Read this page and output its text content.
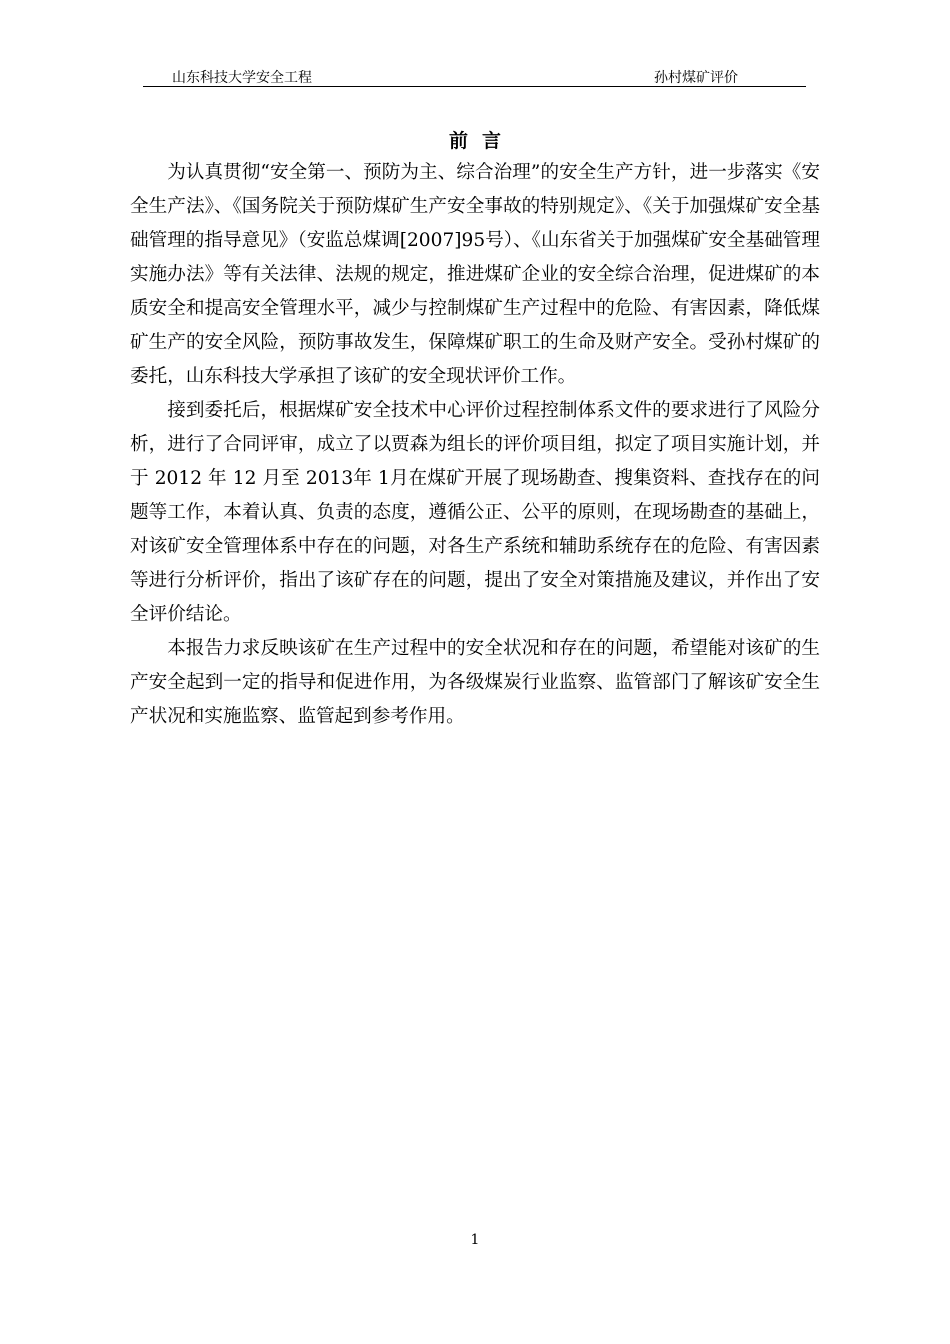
山东科技大学安全工程	孙村煤矿评价
前言

为认真贯彻“安全第一、预防为主、综合治理”的安全生产方针，进一步落实《安全生产法》、《国务院关于预防煤矿生产安全事故的特别规定》、《关于加强煤矿安全基础管理的指导意见》（安监总煤调[2007]95号）、《山东省关于加强煤矿安全基础管理实施办法》等有关法律、法规的规定，推进煤矿企业的安全综合治理，促进煤矿的本质安全和提高安全管理水平，减少与控制煤矿生产过程中的危险、有害因素，降低煤矿生产的安全风险，预防事故发生，保障煤矿职工的生命及财产安全。受孙村煤矿的委托，山东科技大学承担了该矿的安全现状评价工作。

接到委托后，根据煤矿安全技术中心评价过程控制体系文件的要求进行了风险分析，进行了合同评审，成立了以贾森为组长的评价项目组，拟定了项目实施计划，并于 2012 年 12 月至 2013年 1月在煤矿开展了现场勘查、搜集资料、查找存在的问题等工作，本着认真、负责的态度，遵循公正、公平的原则，在现场勘查的基础上，对该矿安全管理体系中存在的问题，对各生产系统和辅助系统存在的危险、有害因素等进行分析评价，指出了该矿存在的问题，提出了安全对策措施及建议，并作出了安全评价结论。

本报告力求反映该矿在生产过程中的安全状况和存在的问题，希望能对该矿的生产安全起到一定的指导和促进作用，为各级煤炭行业监察、监管部门了解该矿安全生产状况和实施监察、监管起到参考作用。

1
